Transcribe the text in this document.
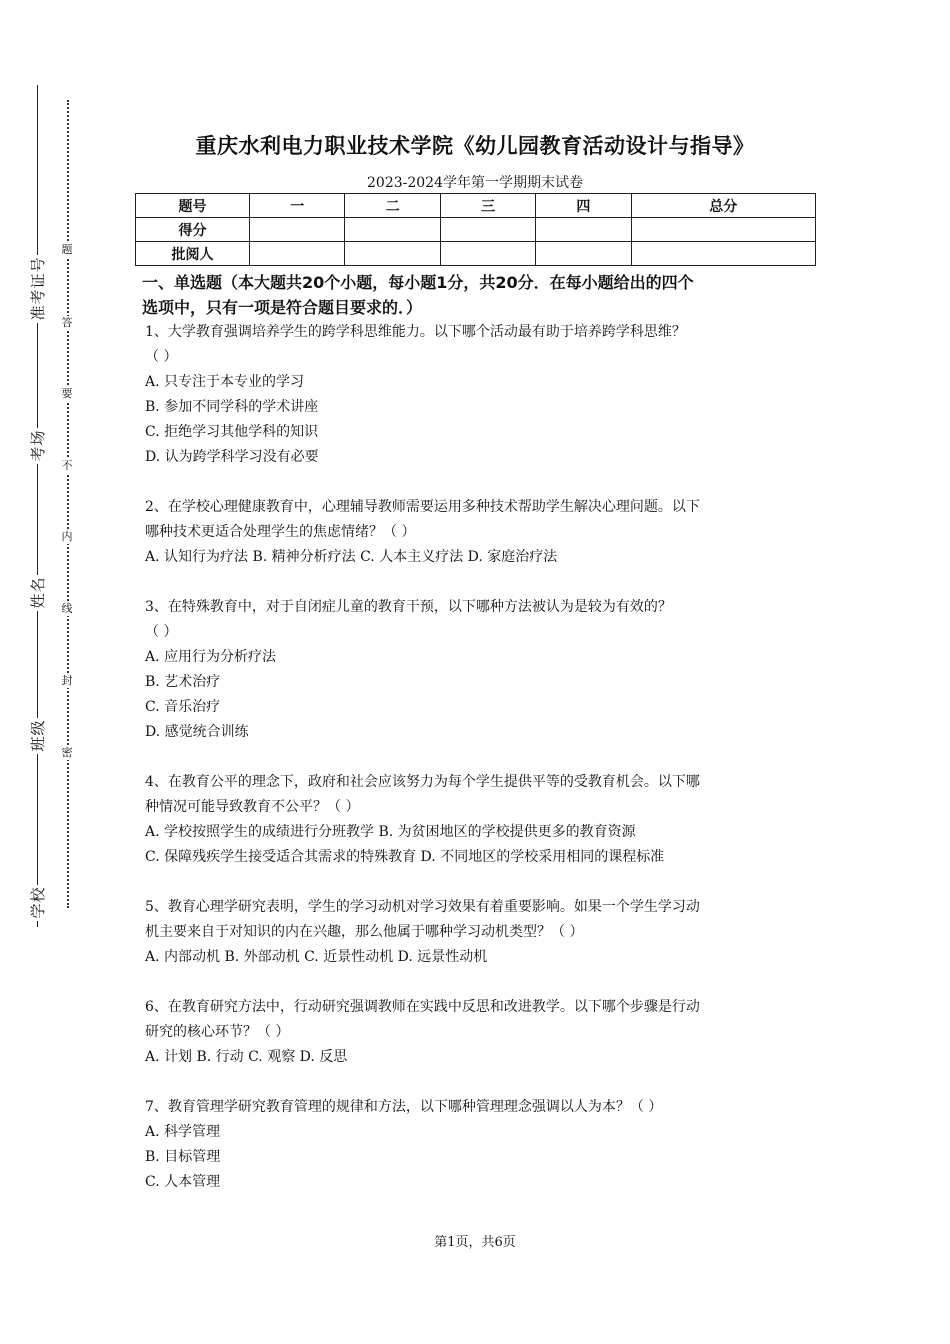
号
证
考
准
场
考
名
姓
级
班
校
学
题
答
要
不
内
线
封
密
重庆水利电力职业技术学院《幼儿园教育活动设计与指导》
2023-2024学年第一学期期末试卷
题号	一	二	三	四	总分
得分					
批阅人					
一、单选题（本大题共20个小题，每小题1分，共20分．在每小题给出的四个
选项中，只有一项是符合题目要求的．）
1、大学教育强调培养学生的跨学科思维能力。以下哪个活动最有助于培养跨学科思维？
（ ）
A. 只专注于本专业的学习
B. 参加不同学科的学术讲座
C. 拒绝学习其他学科的知识
D. 认为跨学科学习没有必要
2、在学校心理健康教育中，心理辅导教师需要运用多种技术帮助学生解决心理问题。以下
哪种技术更适合处理学生的焦虑情绪？（ ）
A. 认知行为疗法 B. 精神分析疗法 C. 人本主义疗法 D. 家庭治疗法
3、在特殊教育中，对于自闭症儿童的教育干预，以下哪种方法被认为是较为有效的？
（ ）
A. 应用行为分析疗法
B. 艺术治疗
C. 音乐治疗
D. 感觉统合训练
4、在教育公平的理念下，政府和社会应该努力为每个学生提供平等的受教育机会。以下哪
种情况可能导致教育不公平？（ ）
A. 学校按照学生的成绩进行分班教学 B. 为贫困地区的学校提供更多的教育资源
C. 保障残疾学生接受适合其需求的特殊教育 D. 不同地区的学校采用相同的课程标准
5、教育心理学研究表明，学生的学习动机对学习效果有着重要影响。如果一个学生学习动
机主要来自于对知识的内在兴趣，那么他属于哪种学习动机类型？（ ）
A. 内部动机 B. 外部动机 C. 近景性动机 D. 远景性动机
6、在教育研究方法中，行动研究强调教师在实践中反思和改进教学。以下哪个步骤是行动
研究的核心环节？（ ）
A. 计划 B. 行动 C. 观察 D. 反思
7、教育管理学研究教育管理的规律和方法，以下哪种管理理念强调以人为本？（ ）
A. 科学管理
B. 目标管理
C. 人本管理
第1页，共6页
